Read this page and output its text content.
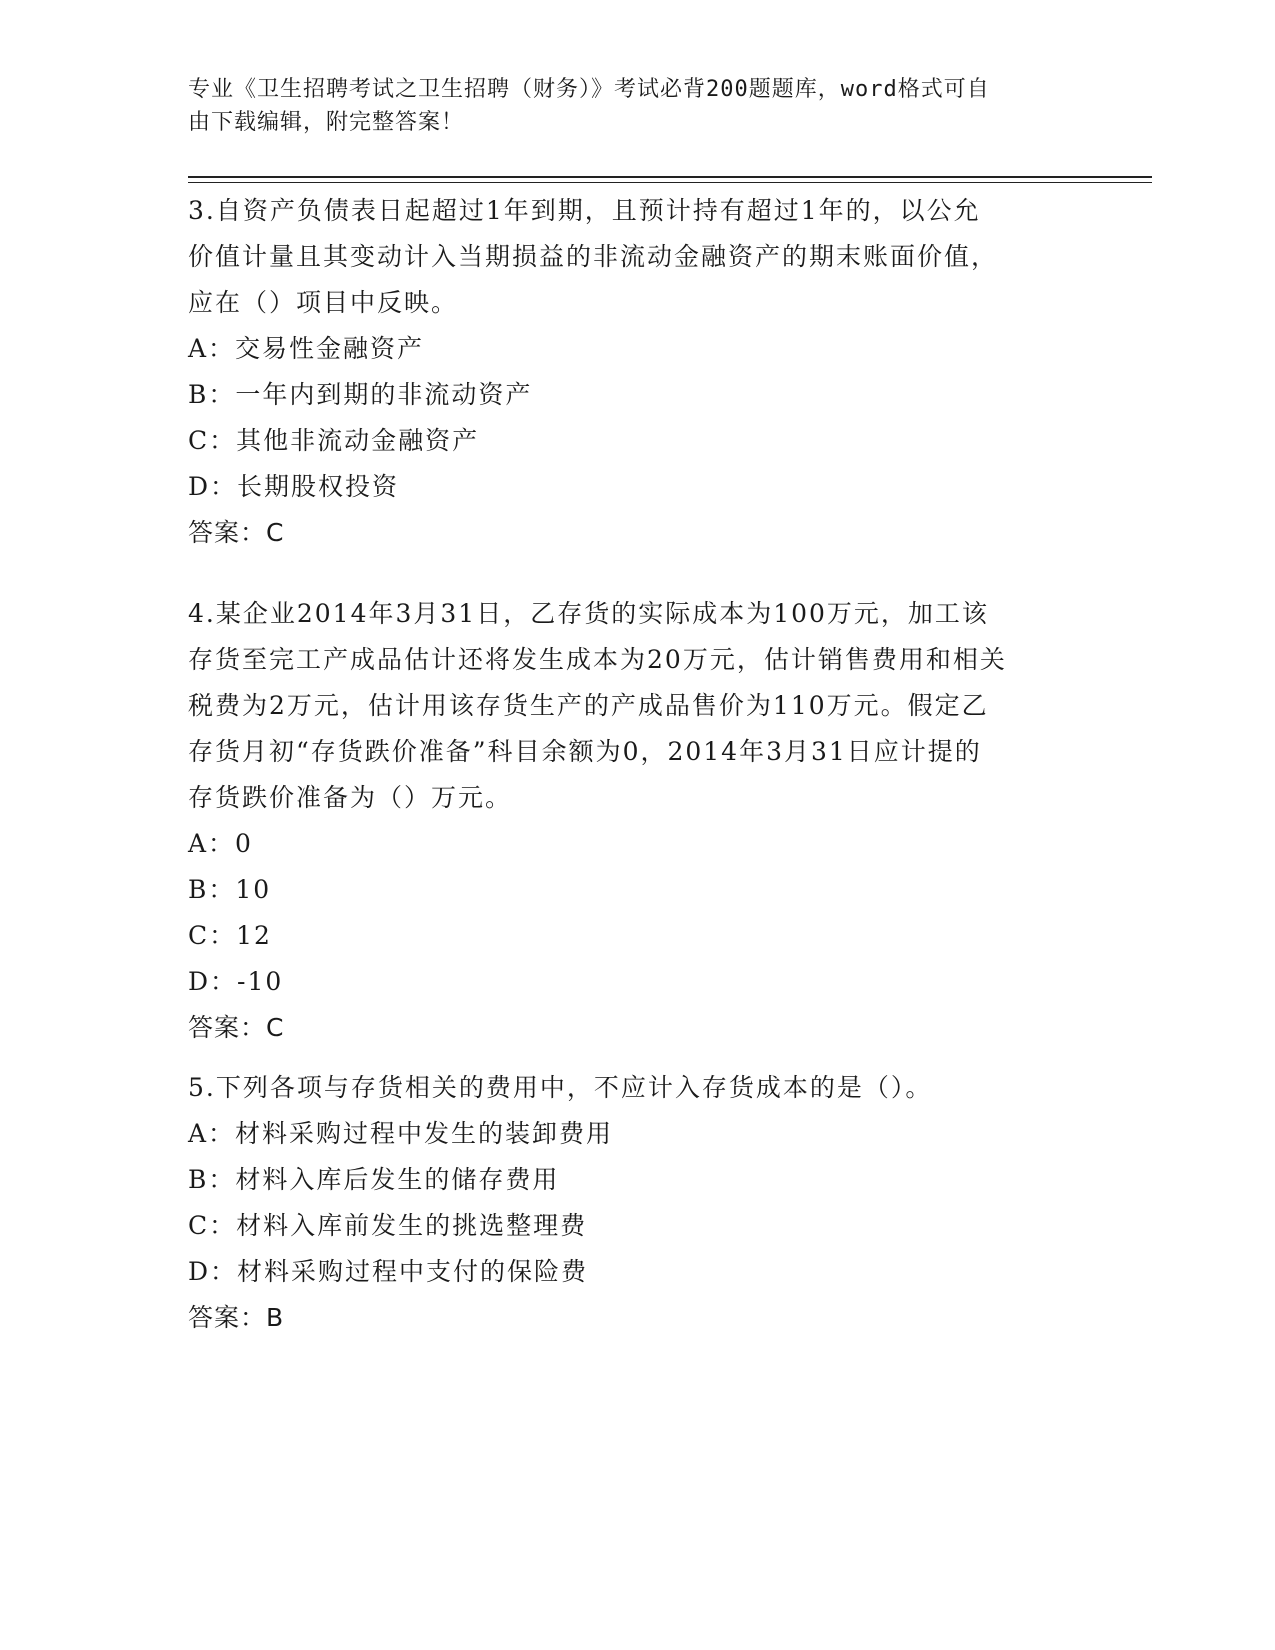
专业《卫生招聘考试之卫生招聘（财务）》考试必背200题题库，word格式可自
由下载编辑，附完整答案！

3.自资产负债表日起超过1年到期，且预计持有超过1年的，以公允

价值计量且其变动计入当期损益的非流动金融资产的期末账面价值，

应在（）项目中反映。

A：交易性金融资产

B：一年内到期的非流动资产

C：其他非流动金融资产

D：长期股权投资

答案：C

4.某企业2014年3月31日，乙存货的实际成本为100万元，加工该

存货至完工产成品估计还将发生成本为20万元，估计销售费用和相关

税费为2万元，估计用该存货生产的产成品售价为110万元。假定乙

存货月初“存货跌价准备”科目余额为0，2014年3月31日应计提的

存货跌价准备为（）万元。

A：0

B：10

C：12

D：-10

答案：C

5.下列各项与存货相关的费用中，不应计入存货成本的是（）。

A：材料采购过程中发生的装卸费用

B：材料入库后发生的储存费用

C：材料入库前发生的挑选整理费

D：材料采购过程中支付的保险费

答案：B
